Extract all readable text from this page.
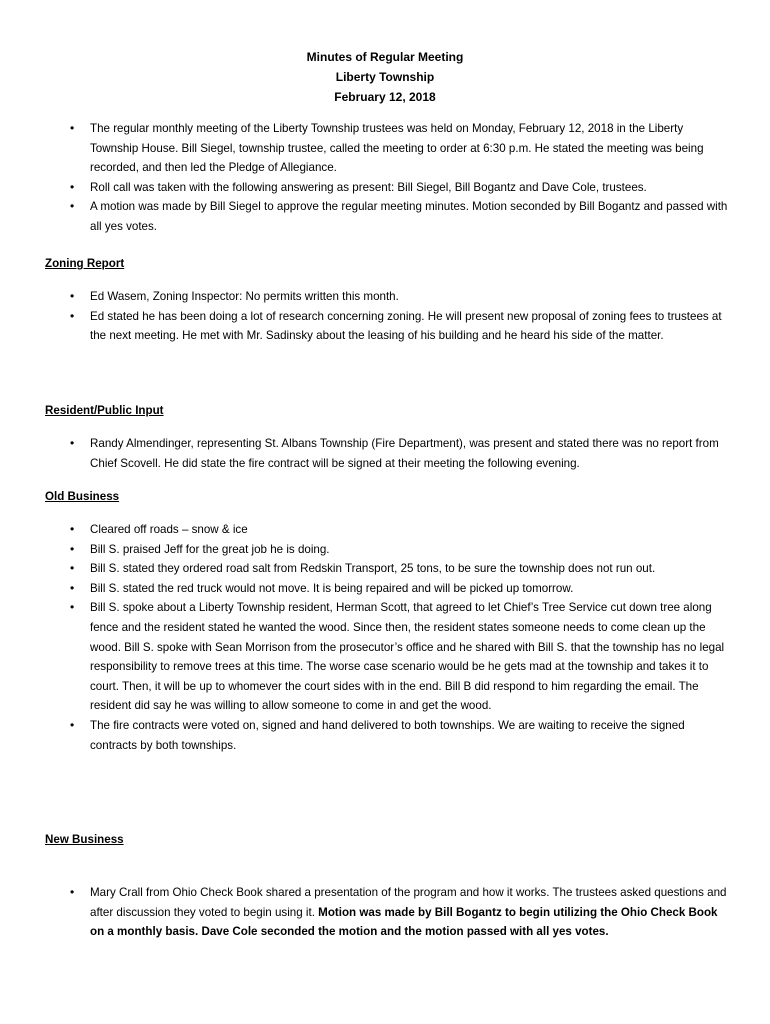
Minutes of Regular Meeting
Liberty Township
February 12, 2018
• The regular monthly meeting of the Liberty Township trustees was held on Monday, February 12, 2018 in the Liberty Township House. Bill Siegel, township trustee, called the meeting to order at 6:30 p.m. He stated the meeting was being recorded, and then led the Pledge of Allegiance.
• Roll call was taken with the following answering as present: Bill Siegel, Bill Bogantz and Dave Cole, trustees.
• A motion was made by Bill Siegel to approve the regular meeting minutes. Motion seconded by Bill Bogantz and passed with all yes votes.
Zoning Report
• Ed Wasem, Zoning Inspector: No permits written this month.
• Ed stated he has been doing a lot of research concerning zoning. He will present new proposal of zoning fees to trustees at the next meeting. He met with Mr. Sadinsky about the leasing of his building and he heard his side of the matter.
Resident/Public Input
• Randy Almendinger, representing St. Albans Township (Fire Department), was present and stated there was no report from Chief Scovell. He did state the fire contract will be signed at their meeting the following evening.
Old Business
• Cleared off roads – snow & ice
• Bill S. praised Jeff for the great job he is doing.
• Bill S. stated they ordered road salt from Redskin Transport, 25 tons, to be sure the township does not run out.
• Bill S. stated the red truck would not move. It is being repaired and will be picked up tomorrow.
• Bill S. spoke about a Liberty Township resident, Herman Scott, that agreed to let Chief’s Tree Service cut down tree along fence and the resident stated he wanted the wood. Since then, the resident states someone needs to come clean up the wood. Bill S. spoke with Sean Morrison from the prosecutor’s office and he shared with Bill S. that the township has no legal responsibility to remove trees at this time. The worse case scenario would be he gets mad at the township and takes it to court. Then, it will be up to whomever the court sides with in the end. Bill B did respond to him regarding the email. The resident did say he was willing to allow someone to come in and get the wood.
• The fire contracts were voted on, signed and hand delivered to both townships. We are waiting to receive the signed contracts by both townships.
New Business
• Mary Crall from Ohio Check Book shared a presentation of the program and how it works. The trustees asked questions and after discussion they voted to begin using it. Motion was made by Bill Bogantz to begin utilizing the Ohio Check Book on a monthly basis. Dave Cole seconded the motion and the motion passed with all yes votes.
